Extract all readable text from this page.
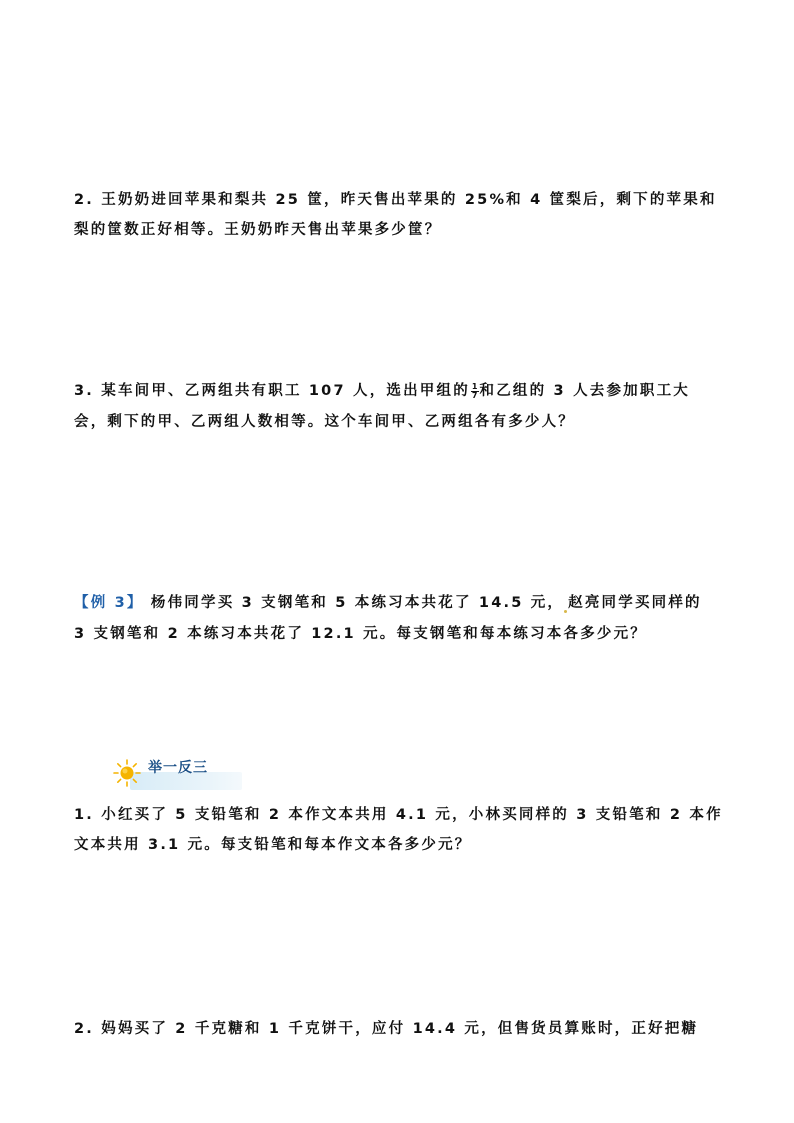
2. 王奶奶进回苹果和梨共 25 筐，昨天售出苹果的 25%和 4 筐梨后，剩下的苹果和
梨的筐数正好相等。王奶奶昨天售出苹果多少筐？
3. 某车间甲、乙两组共有职工 107 人，选出甲组的 $\frac{1}{7}$ 和乙组的 3 人去参加职工大
会，剩下的甲、乙两组人数相等。这个车间甲、乙两组各有多少人？
【例 3】 杨伟同学买 3 支钢笔和 5 本练习本共花了 14.5 元， 赵亮同学买同样的
3 支钢笔和 2 本练习本共花了 12.1 元。每支钢笔和每本练习本各多少元？
举一反三
1. 小红买了 5 支铅笔和 2 本作文本共用 4.1 元，小林买同样的 3 支铅笔和 2 本作
文本共用 3.1 元。每支铅笔和每本作文本各多少元？
2. 妈妈买了 2 千克糖和 1 千克饼干，应付 14.4 元，但售货员算账时，正好把糖
